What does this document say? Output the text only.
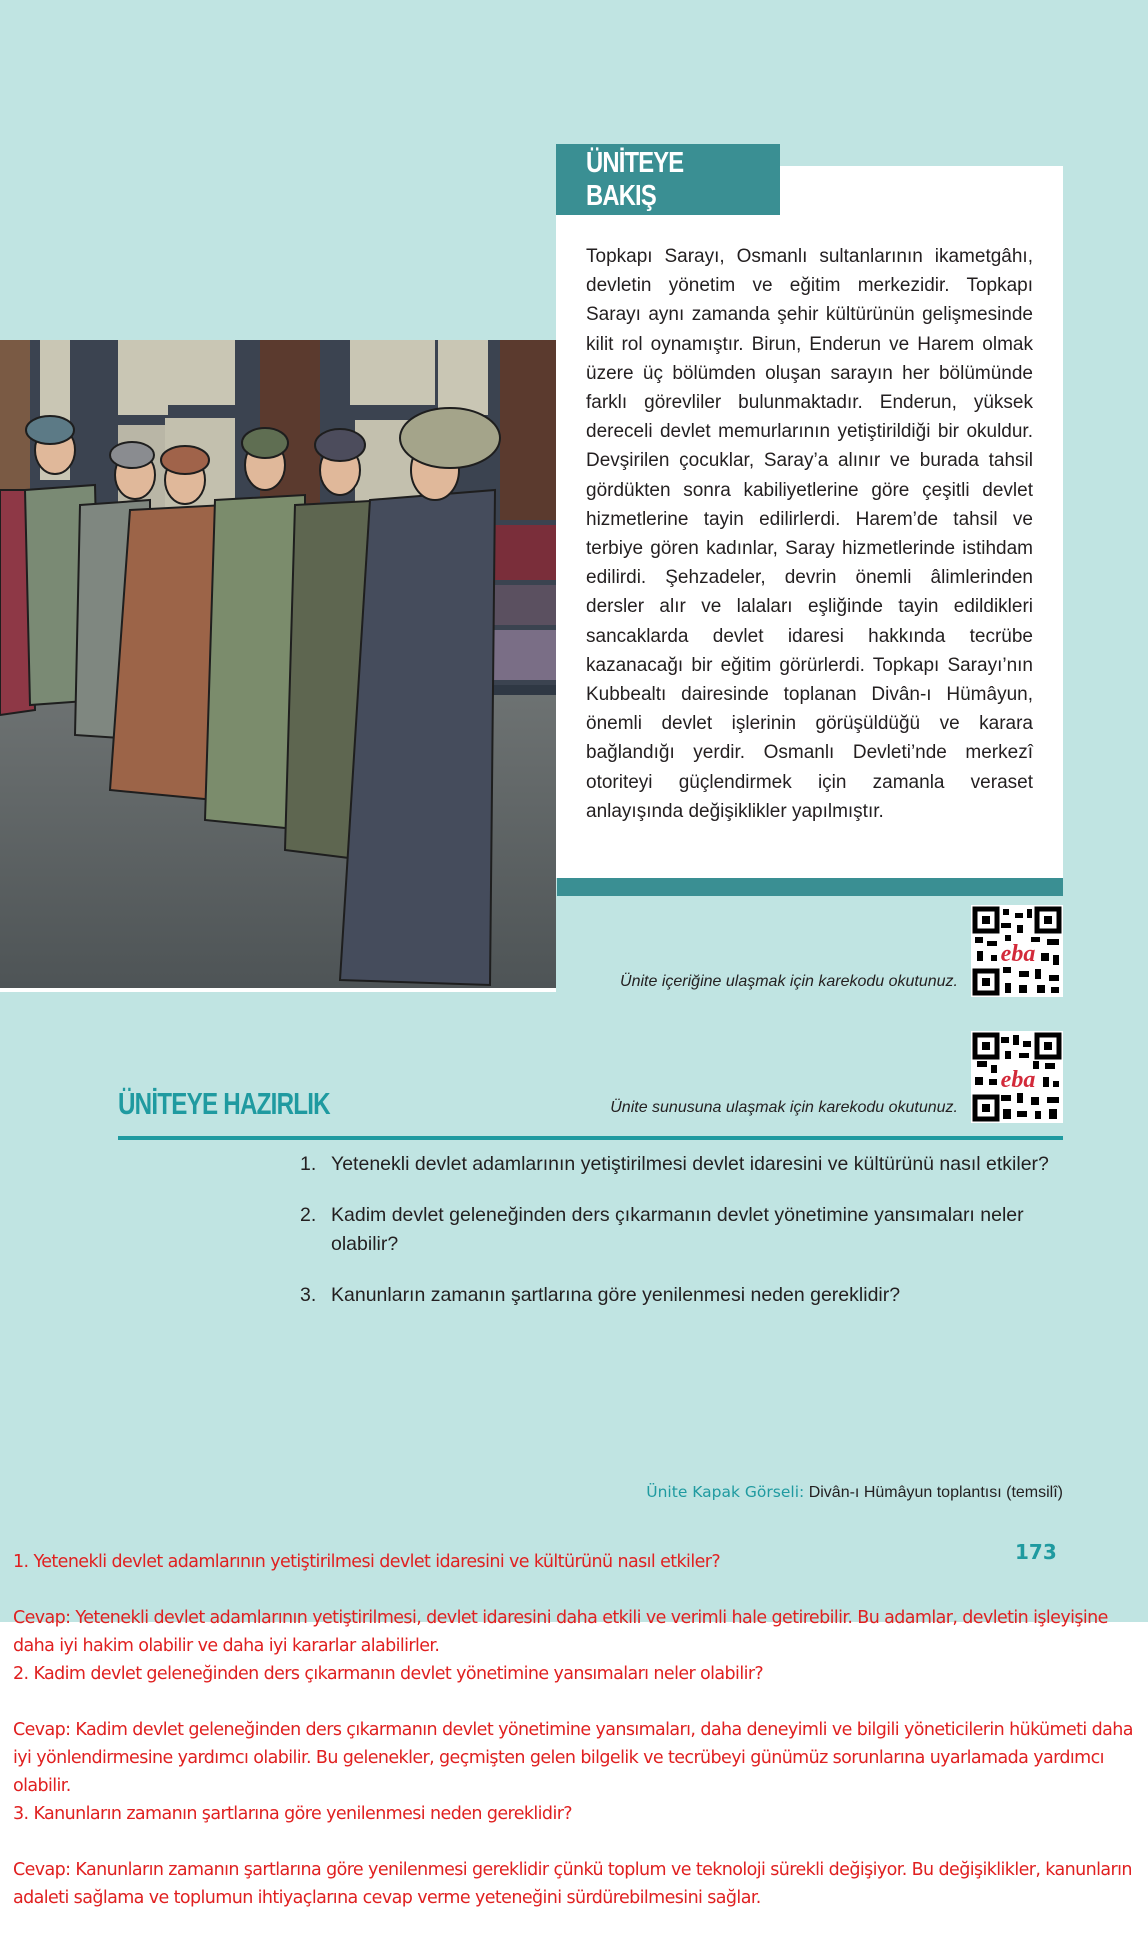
ÜNİTEYE BAKIŞ
Topkapı Sarayı, Osmanlı sultanlarının ikametgâhı, devletin yönetim ve eğitim merkezidir. Topkapı Sarayı aynı zamanda şehir kültürünün gelişmesinde kilit rol oynamıştır. Birun, Enderun ve Harem olmak üzere üç bölümden oluşan sarayın her bölümünde farklı görevliler bulunmaktadır. Enderun, yüksek dereceli devlet memurlarının yetiştirildiği bir okuldur. Devşirilen çocuklar, Saray’a alınır ve burada tahsil gördükten sonra kabiliyetlerine göre çeşitli devlet hizmetlerine tayin edilirlerdi. Harem’de tahsil ve terbiye gören kadınlar, Saray hizmetlerinde istihdam edilirdi. Şehzadeler, devrin önemli âlimlerinden dersler alır ve lalaları eşliğinde tayin edildikleri sancaklarda devlet idaresi hakkında tecrübe kazanacağı bir eğitim görürlerdi. Topkapı Sarayı’nın Kubbealtı dairesinde toplanan Divân-ı Hümâyun, önemli devlet işlerinin görüşüldüğü ve karara bağlandığı yerdir. Osmanlı Devleti’nde merkezî otoriteyi güçlendirmek için zamanla veraset anlayışında değişiklikler yapılmıştır.
Ünite içeriğine ulaşmak için karekodu okutunuz.
eba
Ünite sunusuna ulaşmak için karekodu okutunuz.
eba
ÜNİTEYE HAZIRLIK
1. Yetenekli devlet adamlarının yetiştirilmesi devlet idaresini ve kültürünü nasıl etkiler?
2. Kadim devlet geleneğinden ders çıkarmanın devlet yönetimine yansımaları neler olabilir?
3. Kanunların zamanın şartlarına göre yenilenmesi neden gereklidir?
Ünite Kapak Görseli: Divân-ı Hümâyun toplantısı (temsilî)
173

1. Yetenekli devlet adamlarının yetiştirilmesi devlet idaresini ve kültürünü nasıl etkiler?

Cevap: Yetenekli devlet adamlarının yetiştirilmesi, devlet idaresini daha etkili ve verimli hale getirebilir. Bu adamlar, devletin işleyişine daha iyi hakim olabilir ve daha iyi kararlar alabilirler.

2. Kadim devlet geleneğinden ders çıkarmanın devlet yönetimine yansımaları neler olabilir?

Cevap: Kadim devlet geleneğinden ders çıkarmanın devlet yönetimine yansımaları, daha deneyimli ve bilgili yöneticilerin hükümeti daha iyi yönlendirmesine yardımcı olabilir. Bu gelenekler, geçmişten gelen bilgelik ve tecrübeyi günümüz sorunlarına uyarlamada yardımcı olabilir.

3. Kanunların zamanın şartlarına göre yenilenmesi neden gereklidir?

Cevap: Kanunların zamanın şartlarına göre yenilenmesi gereklidir çünkü toplum ve teknoloji sürekli değişiyor. Bu değişiklikler, kanunların adaleti sağlama ve toplumun ihtiyaçlarına cevap verme yeteneğini sürdürebilmesini sağlar.
